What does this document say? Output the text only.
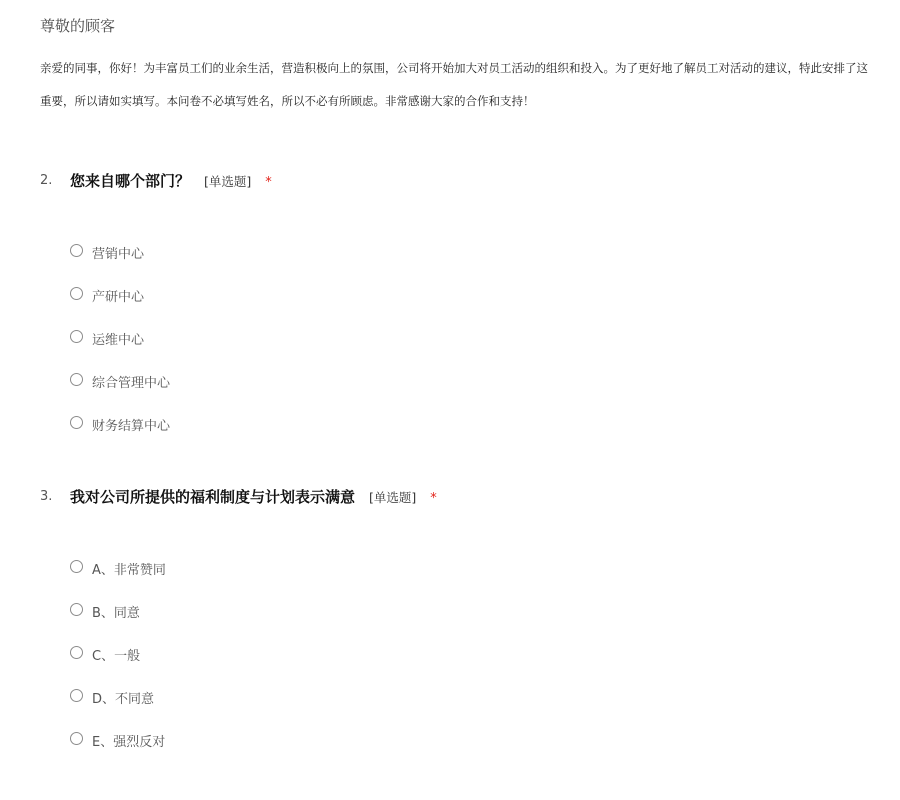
尊敬的顾客
亲爱的同事，你好！为丰富员工们的业余生活，营造积极向上的氛围，公司将开始加大对员工活动的组织和投入。为了更好地了解员工对活动的建议，特此安排了这
重要，所以请如实填写。本问卷不必填写姓名，所以不必有所顾虑。非常感谢大家的合作和支持！
2. 您来自哪个部门？ [单选题] *
营销中心
产研中心
运维中心
综合管理中心
财务结算中心
3. 我对公司所提供的福利制度与计划表示满意 [单选题] *
A、非常赞同
B、同意
C、一般
D、不同意
E、强烈反对
